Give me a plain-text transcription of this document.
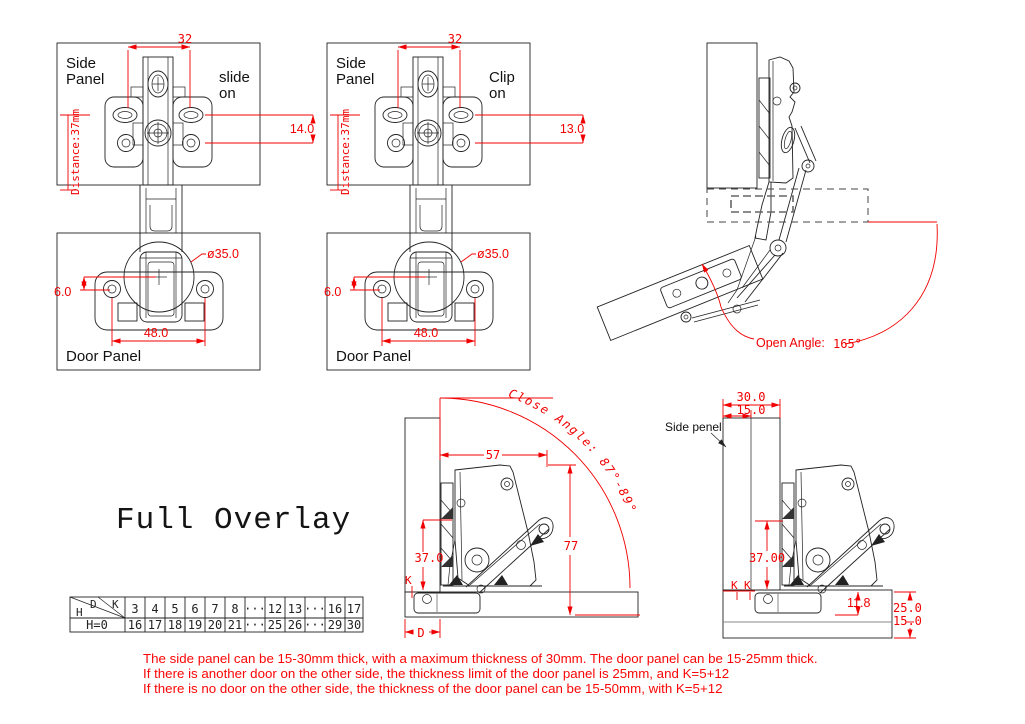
Side
Panel	slide
on
32
14.0
Distance:37mm
Side
Panel	Clip
on
32
13.0
Distance:37mm
Door Panel
ø35.0
6.0
48.0
Door Panel
ø35.0
6.0
48.0
Open Angle: 165°
Close Angle: 87°-89°
57
77
37.0
K
D
Side penel
30.0
15.0
37.00
K K
11.8 25.0
15.0
D K
H
H=0
3 4 5 6 7 8 ··· 12 13 ··· 16 17
16 17 18 19 20 21 ··· 25 26 ··· 29 30
Full Overlay
The side panel can be 15-30mm thick, with a maximum thickness of 30mm. The door panel can be 15-25mm thick.
If there is another door on the other side, the thickness limit of the door panel is 25mm, and K=5+12
If there is no door on the other side, the thickness of the door panel can be 15-50mm, with K=5+12
